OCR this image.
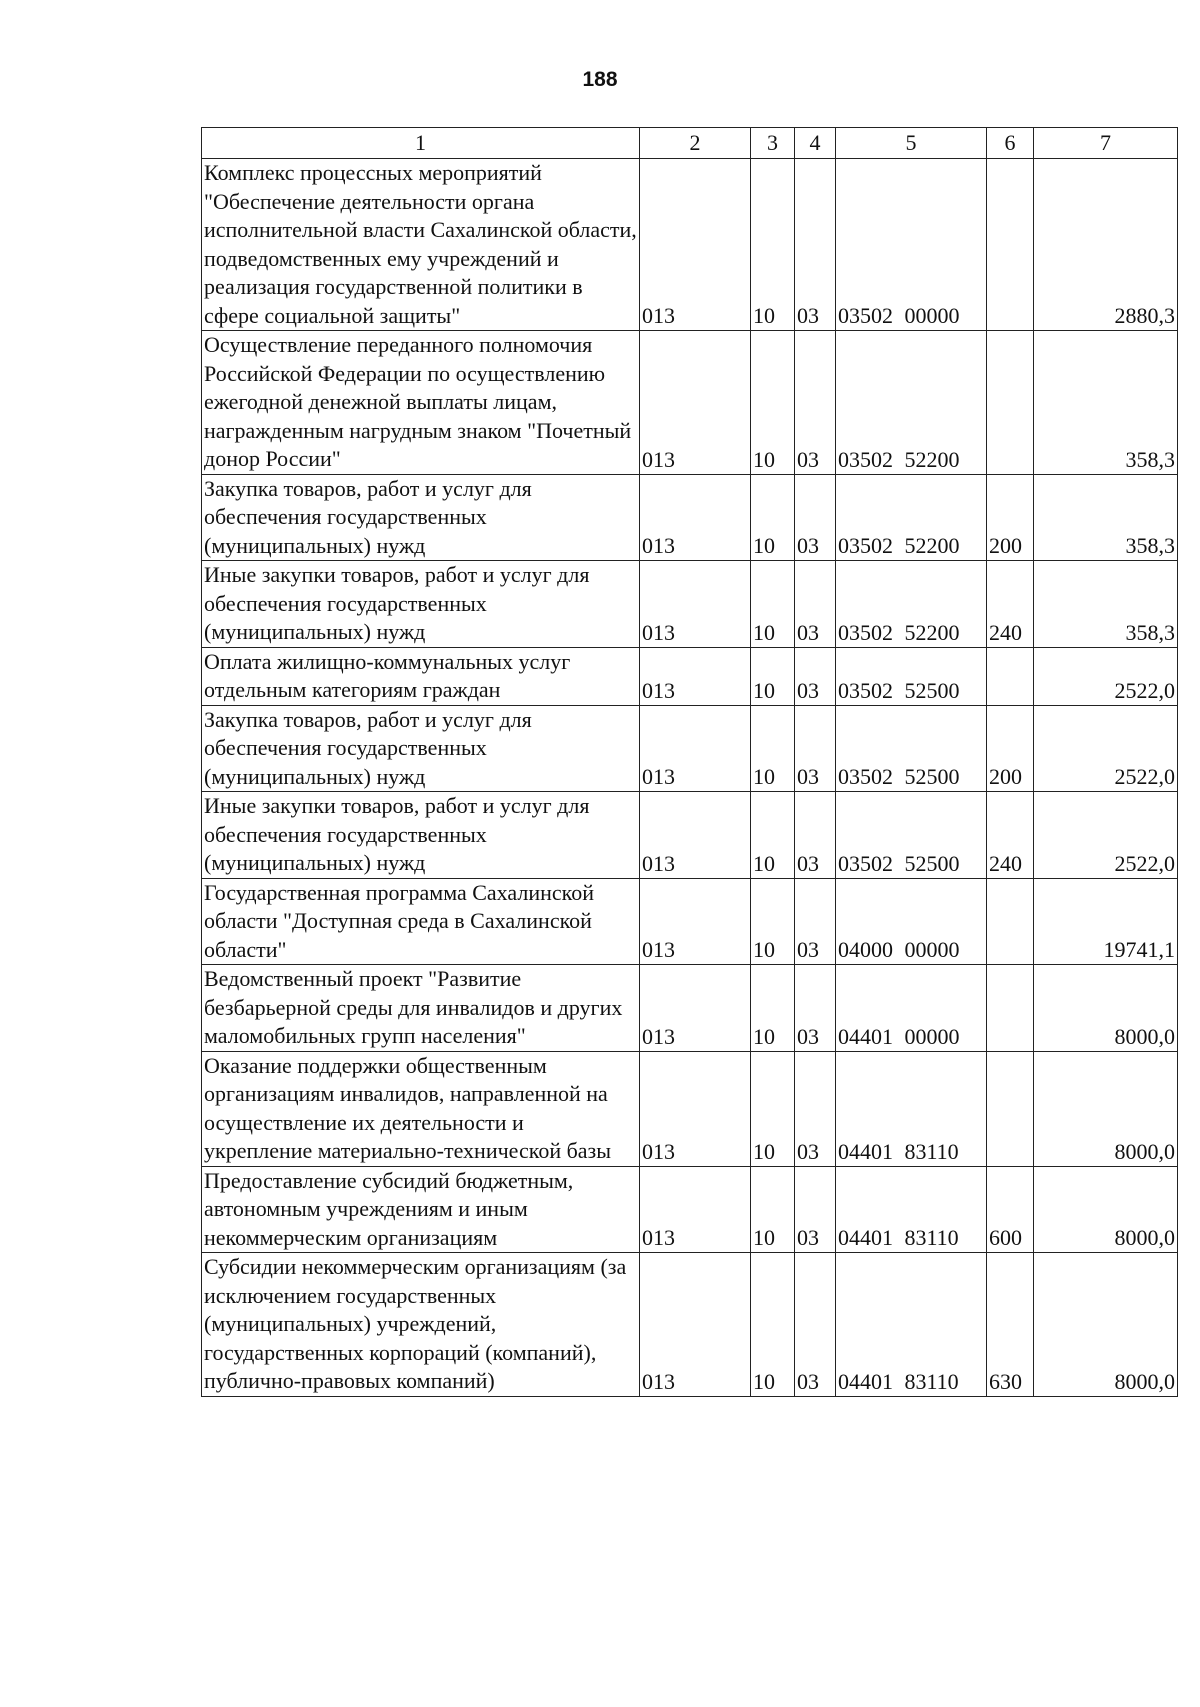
188
1	2	3	4	5	6	7
Комплекс процессных мероприятий "Обеспечение деятельности органа исполнительной власти Сахалинской области, подведомственных ему учреждений и реализация государственной политики в сфере социальной защиты"	013	10	03	03502 00000		2880,3
Осуществление переданного полномочия Российской Федерации по осуществлению ежегодной денежной выплаты лицам, награжденным нагрудным знаком "Почетный донор России"	013	10	03	03502 52200		358,3
Закупка товаров, работ и услуг для обеспечения государственных (муниципальных) нужд	013	10	03	03502 52200	200	358,3
Иные закупки товаров, работ и услуг для обеспечения государственных (муниципальных) нужд	013	10	03	03502 52200	240	358,3
Оплата жилищно-коммунальных услуг отдельным категориям граждан	013	10	03	03502 52500		2522,0
Закупка товаров, работ и услуг для обеспечения государственных (муниципальных) нужд	013	10	03	03502 52500	200	2522,0
Иные закупки товаров, работ и услуг для обеспечения государственных (муниципальных) нужд	013	10	03	03502 52500	240	2522,0
Государственная программа Сахалинской области "Доступная среда в Сахалинской области"	013	10	03	04000 00000		19741,1
Ведомственный проект "Развитие безбарьерной среды для инвалидов и других маломобильных групп населения"	013	10	03	04401 00000		8000,0
Оказание поддержки общественным организациям инвалидов, направленной на осуществление их деятельности и укрепление материально-технической базы	013	10	03	04401 83110		8000,0
Предоставление субсидий бюджетным, автономным учреждениям и иным некоммерческим организациям	013	10	03	04401 83110	600	8000,0
Субсидии некоммерческим организациям (за исключением государственных (муниципальных) учреждений, государственных корпораций (компаний), публично-правовых компаний)	013	10	03	04401 83110	630	8000,0
